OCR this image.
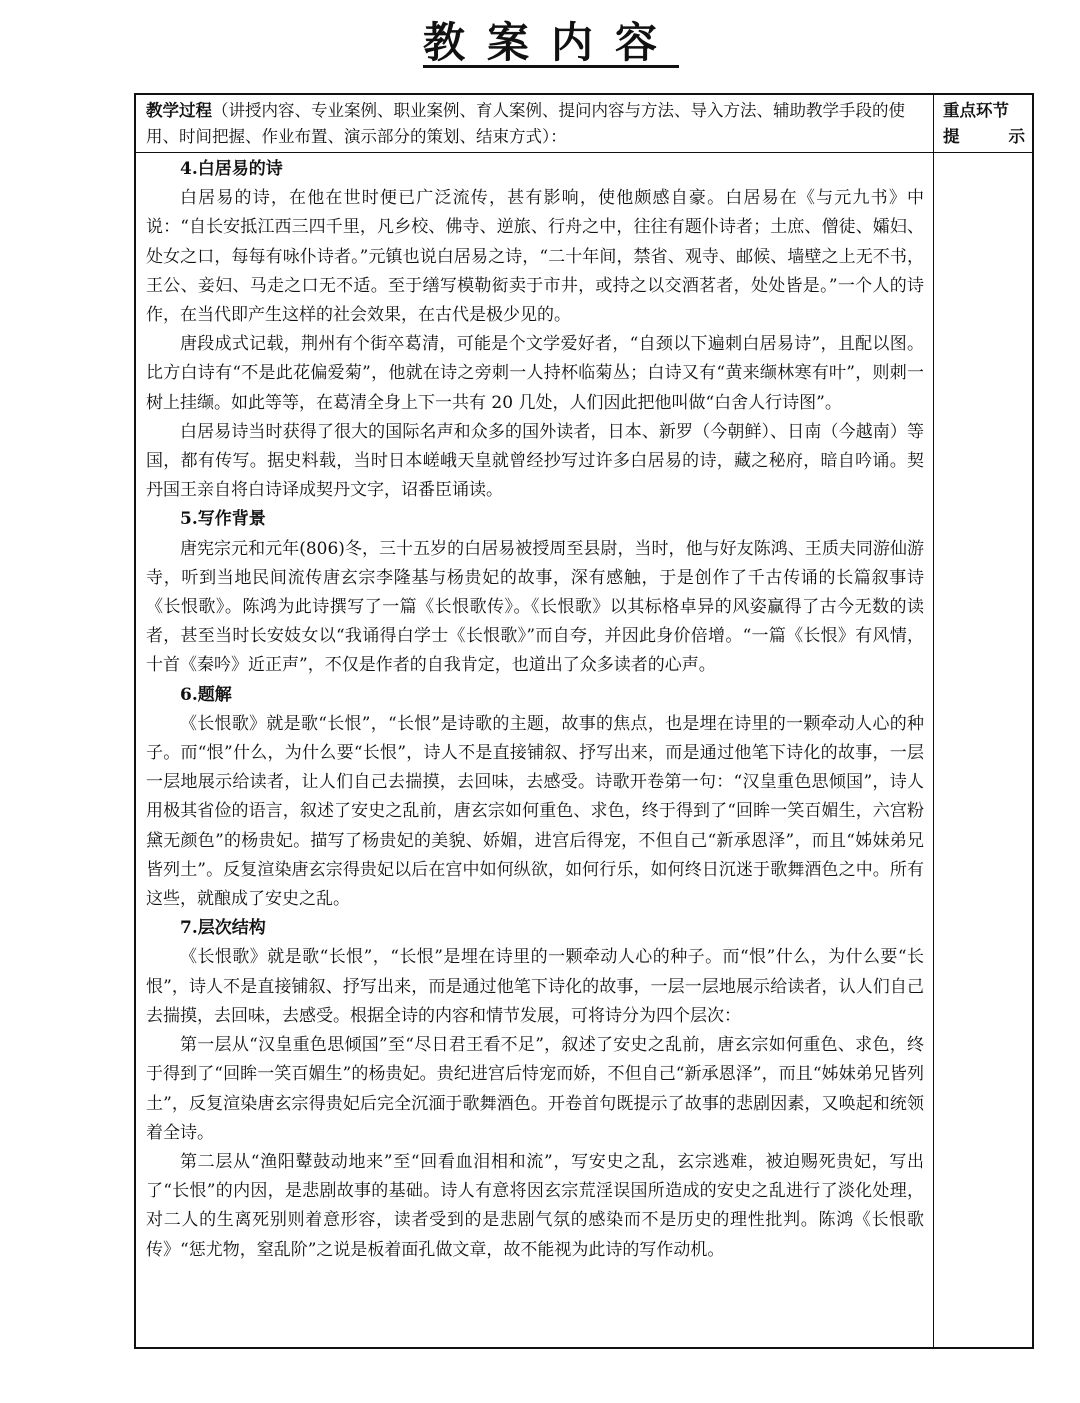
教案内容
教学过程（讲授内容、专业案例、职业案例、育人案例、提问内容与方法、导入方法、辅助教学手段的使用、时间把握、作业布置、演示部分的策划、结束方式）：
重点环节
提	示
4.白居易的诗

白居易的诗，在他在世时便已广泛流传，甚有影响，使他颇感自豪。白居易在《与元九书》中说：“自长安抵江西三四千里，凡乡校、佛寺、逆旅、行舟之中，往往有题仆诗者；土庶、僧徒、孀妇、处女之口，每每有咏仆诗者。”元镇也说白居易之诗，“二十年间，禁省、观寺、邮候、墙壁之上无不书，王公、妾妇、马走之口无不适。至于缮写模勒衒卖于市井，或持之以交酒茗者，处处皆是。”一个人的诗作，在当代即产生这样的社会效果，在古代是极少见的。

唐段成式记载，荆州有个街卒葛清，可能是个文学爱好者，“自颈以下遍刺白居易诗”，且配以图。比方白诗有“不是此花偏爱菊”，他就在诗之旁刺一人持杯临菊丛；白诗又有“黄来缬林寒有叶”，则刺一树上挂缬。如此等等，在葛清全身上下一共有 20 几处，人们因此把他叫做“白舍人行诗图”。

白居易诗当时获得了很大的国际名声和众多的国外读者，日本、新罗（今朝鲜）、日南（今越南）等国，都有传写。据史料载，当时日本嵯峨天皇就曾经抄写过许多白居易的诗，藏之秘府，暗自吟诵。契丹国王亲自将白诗译成契丹文字，诏番臣诵读。

5.写作背景

唐宪宗元和元年(806)冬，三十五岁的白居易被授周至县尉，当时，他与好友陈鸿、王质夫同游仙游寺，听到当地民间流传唐玄宗李隆基与杨贵妃的故事，深有感触，于是创作了千古传诵的长篇叙事诗《长恨歌》。陈鸿为此诗撰写了一篇《长恨歌传》。《长恨歌》以其标格卓异的风姿赢得了古今无数的读者，甚至当时长安妓女以“我诵得白学士《长恨歌》”而自夸，并因此身价倍增。“一篇《长恨》有风情，十首《秦吟》近正声”，不仅是作者的自我肯定，也道出了众多读者的心声。

6.题解

《长恨歌》就是歌“长恨”，“长恨”是诗歌的主题，故事的焦点，也是埋在诗里的一颗牵动人心的种子。而“恨”什么，为什么要“长恨”，诗人不是直接铺叙、抒写出来，而是通过他笔下诗化的故事，一层一层地展示给读者，让人们自己去揣摸，去回味，去感受。诗歌开卷第一句：“汉皇重色思倾国”，诗人用极其省俭的语言，叙述了安史之乱前，唐玄宗如何重色、求色，终于得到了“回眸一笑百媚生，六宫粉黛无颜色”的杨贵妃。描写了杨贵妃的美貌、娇媚，进宫后得宠，不但自己“新承恩泽”，而且“姊妹弟兄皆列土”。反复渲染唐玄宗得贵妃以后在宫中如何纵欲，如何行乐，如何终日沉迷于歌舞酒色之中。所有这些，就酿成了安史之乱。

7.层次结构

《长恨歌》就是歌“长恨”，“长恨”是埋在诗里的一颗牵动人心的种子。而“恨”什么，为什么要“长恨”，诗人不是直接铺叙、抒写出来，而是通过他笔下诗化的故事，一层一层地展示给读者，认人们自己去揣摸，去回味，去感受。根据全诗的内容和情节发展，可将诗分为四个层次：

第一层从“汉皇重色思倾国”至“尽日君王看不足”，叙述了安史之乱前，唐玄宗如何重色、求色，终于得到了“回眸一笑百媚生”的杨贵妃。贵纪进宫后恃宠而娇，不但自己“新承恩泽”，而且“姊妹弟兄皆列土”，反复渲染唐玄宗得贵妃后完全沉湎于歌舞酒色。开卷首句既提示了故事的悲剧因素，又唤起和统领着全诗。

第二层从“渔阳鼙鼓动地来”至“回看血泪相和流”，写安史之乱，玄宗逃难，被迫赐死贵妃，写出了“长恨”的内因，是悲剧故事的基础。诗人有意将因玄宗荒淫误国所造成的安史之乱进行了淡化处理，对二人的生离死别则着意形容，读者受到的是悲剧气氛的感染而不是历史的理性批判。陈鸿《长恨歌传》“惩尤物，窒乱阶”之说是板着面孔做文章，故不能视为此诗的写作动机。
